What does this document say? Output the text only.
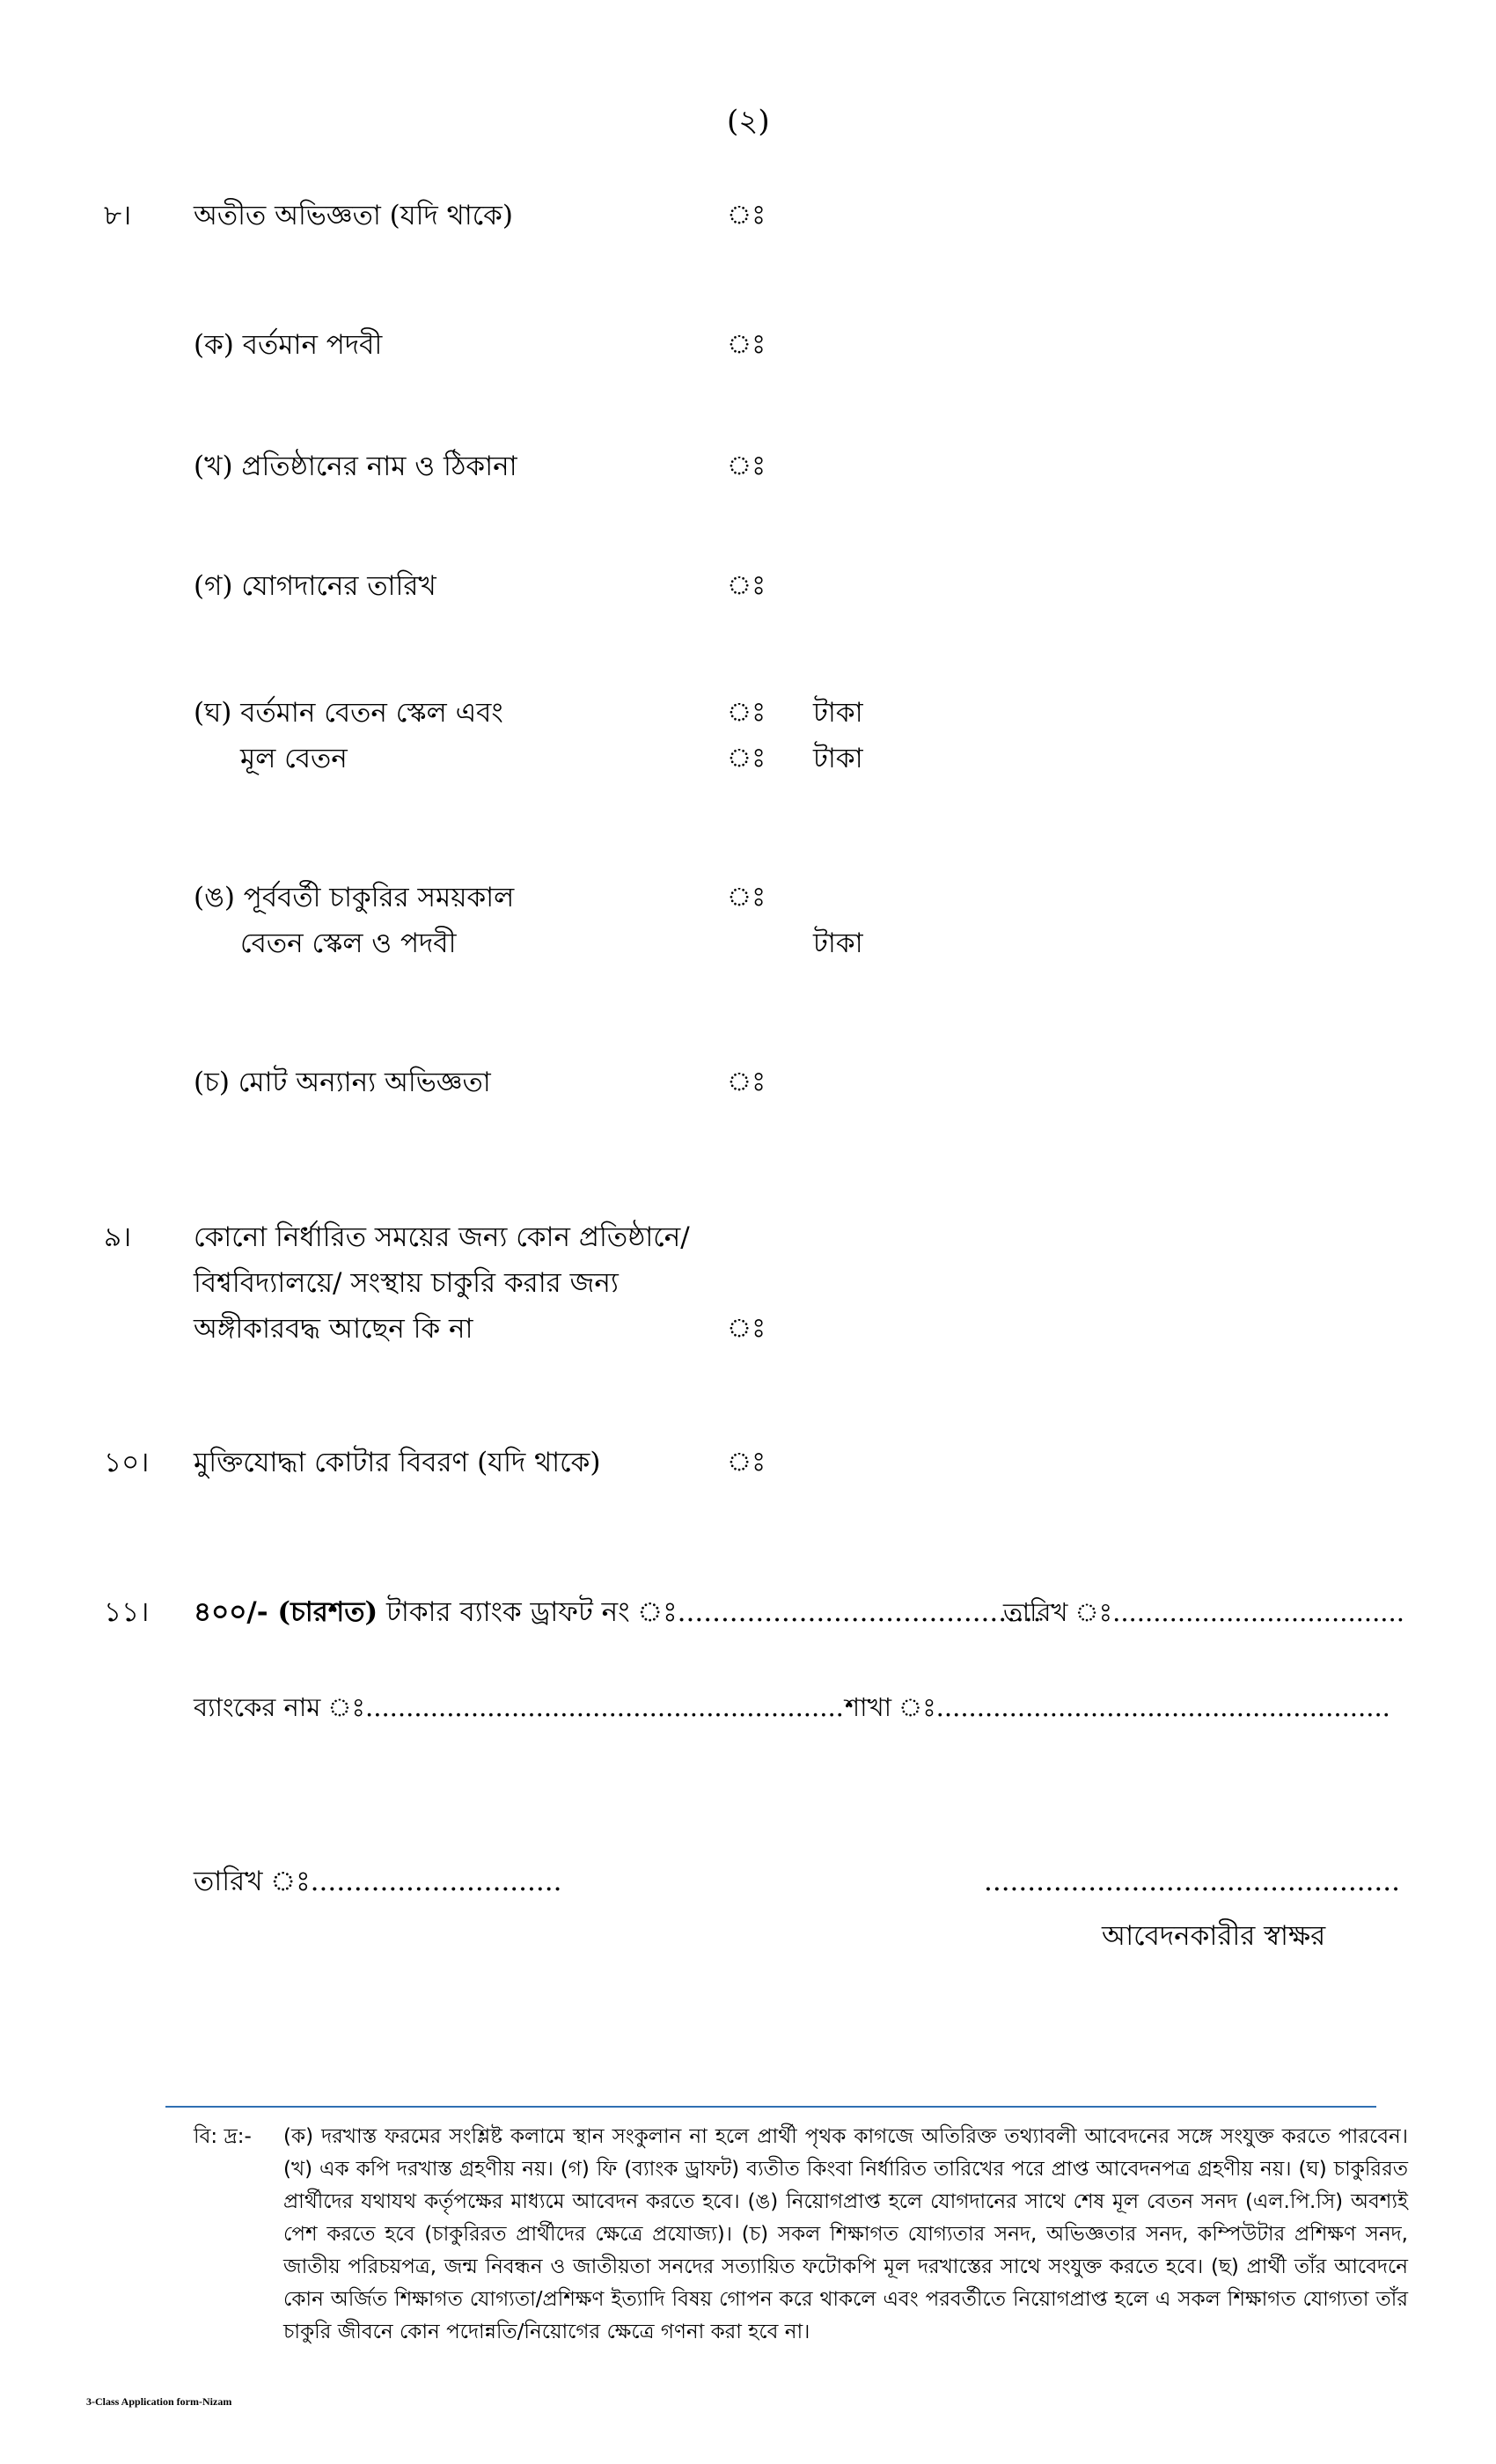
(২)
৮। অতীত অভিজ্ঞতা (যদি থাকে)	ঃ
(ক) বর্তমান পদবী	ঃ
(খ) প্রতিষ্ঠানের নাম ও ঠিকানা	ঃ
(গ) যোগদানের তারিখ	ঃ
(ঘ) বর্তমান বেতন স্কেল এবং	ঃ টাকা
মূল বেতন	ঃ টাকা
(ঙ) পূর্ববর্তী চাকুরির সময়কাল	ঃ
বেতন স্কেল ও পদবী	টাকা
(চ) মোট অন্যান্য অভিজ্ঞতা	ঃ
৯। কোনো নির্ধারিত সময়ের জন্য কোন প্রতিষ্ঠানে/
বিশ্ববিদ্যালয়ে/ সংস্থায় চাকুরি করার জন্য
অঙ্গীকারবদ্ধ আছেন কি না	ঃ
১০। মুক্তিযোদ্ধা কোটার বিবরণ (যদি থাকে)	ঃ
১১। ৪০০/- (চারশত) টাকার ব্যাংক ড্রাফট নং ঃ..........................................
তারিখ ঃ....................................
ব্যাংকের নাম ঃ........................................................... শাখা ঃ........................................................
তারিখ ঃ.............................	................................................
আবেদনকারীর স্বাক্ষর
বি: দ্র:- (ক) দরখাস্ত ফরমের সংশ্লিষ্ট কলামে স্থান সংকুলান না হলে প্রার্থী পৃথক কাগজে অতিরিক্ত তথ্যাবলী আবেদনের সঙ্গে সংযুক্ত করতে পারবেন। (খ) এক কপি দরখাস্ত গ্রহণীয় নয়। (গ) ফি (ব্যাংক ড্রাফট) ব্যতীত কিংবা নির্ধারিত তারিখের পরে প্রাপ্ত আবেদনপত্র গ্রহণীয় নয়। (ঘ) চাকুরিরত প্রার্থীদের যথাযথ কর্তৃপক্ষের মাধ্যমে আবেদন করতে হবে। (ঙ) নিয়োগপ্রাপ্ত হলে যোগদানের সাথে শেষ মূল বেতন সনদ (এল.পি.সি) অবশ্যই পেশ করতে হবে (চাকুরিরত প্রার্থীদের ক্ষেত্রে প্রযোজ্য)। (চ) সকল শিক্ষাগত যোগ্যতার সনদ, অভিজ্ঞতার সনদ, কম্পিউটার প্রশিক্ষণ সনদ, জাতীয় পরিচয়পত্র, জন্ম নিবন্ধন ও জাতীয়তা সনদের সত্যায়িত ফটোকপি মূল দরখাস্তের সাথে সংযুক্ত করতে হবে। (ছ) প্রার্থী তাঁর আবেদনে কোন অর্জিত শিক্ষাগত যোগ্যতা/প্রশিক্ষণ ইত্যাদি বিষয় গোপন করে থাকলে এবং পরবর্তীতে নিয়োগপ্রাপ্ত হলে এ সকল শিক্ষাগত যোগ্যতা তাঁর চাকুরি জীবনে কোন পদোন্নতি/নিয়োগের ক্ষেত্রে গণনা করা হবে না।
3-Class Application form-Nizam
